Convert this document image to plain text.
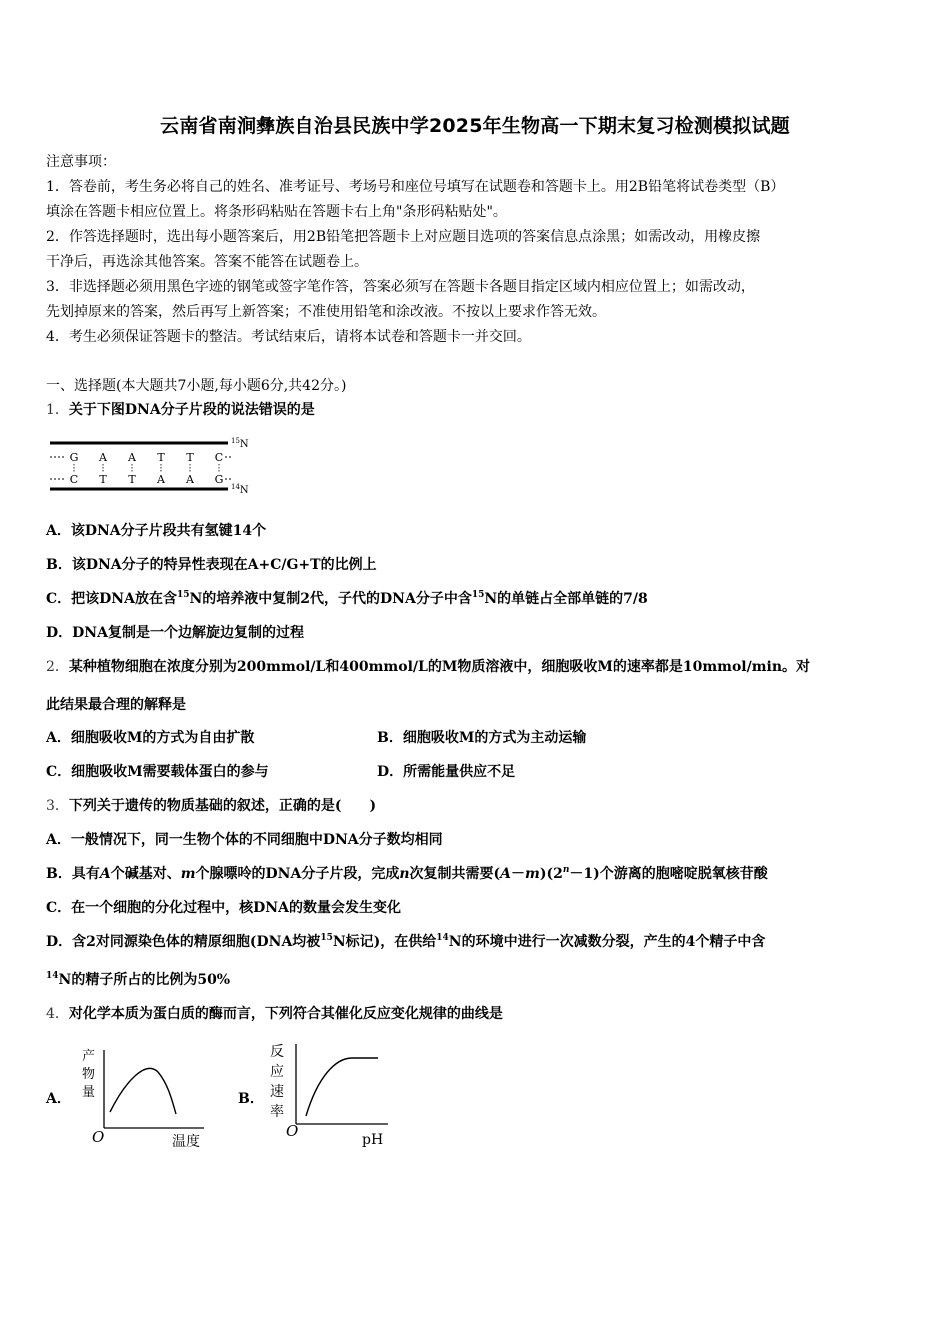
云南省南涧彝族自治县民族中学2025年生物高一下期末复习检测模拟试题
注意事项：
1．答卷前，考生务必将自己的姓名、准考证号、考场号和座位号填写在试题卷和答题卡上。用2B铅笔将试卷类型（B）
填涂在答题卡相应位置上。将条形码粘贴在答题卡右上角"条形码粘贴处"。
2．作答选择题时，选出每小题答案后，用2B铅笔把答题卡上对应题目选项的答案信息点涂黑；如需改动，用橡皮擦
干净后，再选涂其他答案。答案不能答在试题卷上。
3．非选择题必须用黑色字迹的钢笔或签字笔作答，答案必须写在答题卡各题目指定区域内相应位置上；如需改动，
先划掉原来的答案，然后再写上新答案；不准使用铅笔和涂改液。不按以上要求作答无效。
4．考生必须保证答题卡的整洁。考试结束后，请将本试卷和答题卡一并交回。
一、选择题(本大题共7小题,每小题6分,共42分。)
1．关于下图DNA分子片段的说法错误的是
$^{15}$N
$^{14}$N
G
C
A
T
A
T
T
A
T
A
C
G
A．该DNA分子片段共有氢键14个
B．该DNA分子的特异性表现在A+C/G+T的比例上
C．把该DNA放在含$^{15}$N的培养液中复制2代，子代的DNA分子中含$^{15}$N的单链占全部单链的7/8
D．DNA复制是一个边解旋边复制的过程
2．某种植物细胞在浓度分别为200mmol∕L和400mmol∕L的M物质溶液中，细胞吸收M的速率都是10mmol∕min。对
此结果最合理的解释是
A．细胞吸收M的方式为自由扩散	B．细胞吸收M的方式为主动运输
C．细胞吸收M需要载体蛋白的参与	D．所需能量供应不足
3．下列关于遗传的物质基础的叙述，正确的是(　　)
A．一般情况下，同一生物个体的不同细胞中DNA分子数均相同
B．具有A个碱基对、m个腺嘌呤的DNA分子片段，完成n次复制共需要$(A-m)(2^n-1)$个游离的胞嘧啶脱氧核苷酸
C．在一个细胞的分化过程中，核DNA的数量会发生变化
D．含2对同源染色体的精原细胞(DNA均被$^{15}$N标记)，在供给$^{14}$N的环境中进行一次减数分裂，产生的4个精子中含
$^{14}$N的精子所占的比例为50%
4．对化学本质为蛋白质的酶而言，下列符合其催化反应变化规律的曲线是
A．
产
物
量
O	温度
B．
反
应
速
率
O	pH
